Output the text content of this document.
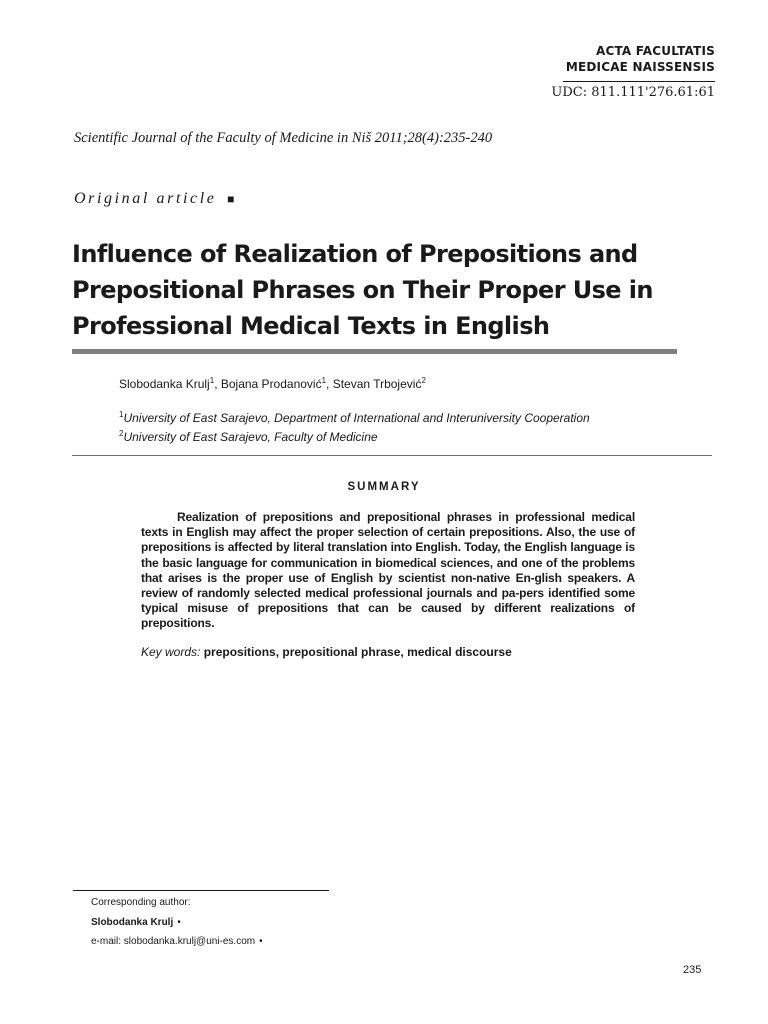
ACTA FACULTATIS
MEDICAE NAISSENSIS
UDC: 811.111'276.61:61
Scientific Journal of the Faculty of Medicine in Niš 2011;28(4):235-240
Original article ■
Influence of Realization of Prepositions and Prepositional Phrases on Their Proper Use in Professional Medical Texts in English
Slobodanka Krulj$^1$, Bojana Prodanović$^1$, Stevan Trbojević$^2$
$^1$University of East Sarajevo, Department of International and Interuniversity Cooperation
$^2$University of East Sarajevo, Faculty of Medicine
SUMMARY
Realization of prepositions and prepositional phrases in professional medical texts in English may affect the proper selection of certain prepositions. Also, the use of prepositions is affected by literal translation into English. Today, the English language is the basic language for communication in biomedical sciences, and one of the problems that arises is the proper use of English by scientist non-native En-glish speakers. A review of randomly selected medical professional journals and pa-pers identified some typical misuse of prepositions that can be caused by different realizations of prepositions.
Key words: prepositions, prepositional phrase, medical discourse
Corresponding author:
Slobodanka Krulj •
e-mail: slobodanka.krulj@uni-es.com •
235
